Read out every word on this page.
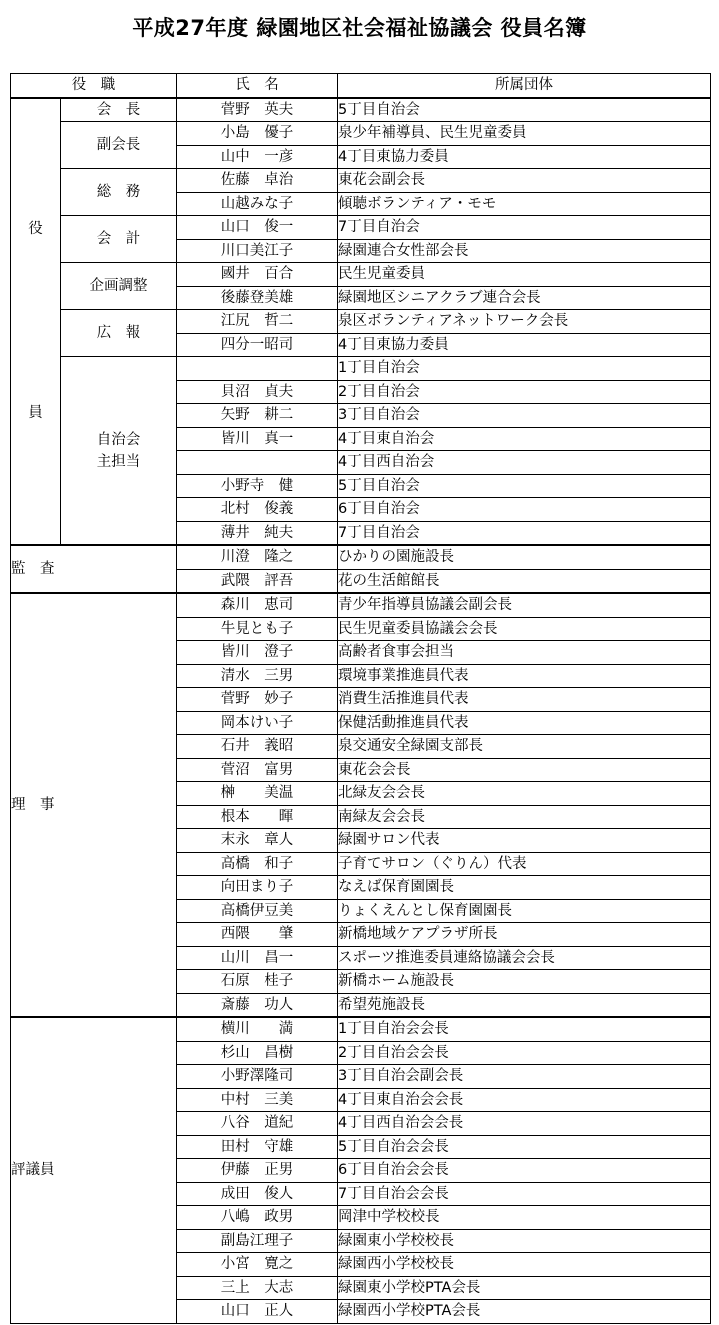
平成27年度 緑園地区社会福祉協議会 役員名簿
役　職		氏　名	所属団体

役
員	会　長	菅野　英夫	5丁目自治会

	副会長	小島　優子	泉少年補導員、民生児童委員
		山中　一彦	4丁目東協力委員

	総　務	佐藤　卓治	東花会副会長
		山越みな子	傾聴ボランティア・モモ

	会　計	山口　俊一	7丁目自治会
		川口美江子	緑園連合女性部会長

	企画調整	國井　百合	民生児童委員
		後藤登美雄	緑園地区シニアクラブ連合会長

	広　報	江尻　哲二	泉区ボランティアネットワーク会長
		四分一昭司	4丁目東協力委員

	自治会
主担当		1丁目自治会
		貝沼　貞夫	2丁目自治会
		矢野　耕二	3丁目自治会
		皆川　真一	4丁目東自治会
			4丁目西自治会
		小野寺　健	5丁目自治会
		北村　俊義	6丁目自治会
		薄井　純夫	7丁目自治会
監　査		川澄　隆之	ひかりの園施設長
		武隈　評吾	花の生活館館長
理　事		森川　恵司	青少年指導員協議会副会長
		牛見とも子	民生児童委員協議会会長
		皆川　澄子	高齢者食事会担当
		清水　三男	環境事業推進員代表
		菅野　妙子	消費生活推進員代表
		岡本けい子	保健活動推進員代表
		石井　義昭	泉交通安全緑園支部長
		菅沼　富男	東花会会長
		榊　　美温	北緑友会会長
		根本　　暉	南緑友会会長
		末永　章人	緑園サロン代表
		高橋　和子	子育てサロン（ぐりん）代表
		向田まり子	なえば保育園園長
		高橋伊豆美	りょくえんとし保育園園長
		西隈　　肇	新橋地域ケアプラザ所長
		山川　昌一	スポーツ推進委員連絡協議会会長
		石原　桂子	新橋ホーム施設長
		斎藤　功人	希望苑施設長
評議員		横川　　満	1丁目自治会会長
		杉山　昌樹	2丁目自治会会長
		小野澤隆司	3丁目自治会副会長
		中村　三美	4丁目東自治会会長
		八谷　道紀	4丁目西自治会会長
		田村　守雄	5丁目自治会会長
		伊藤　正男	6丁目自治会会長
		成田　俊人	7丁目自治会会長
		八嶋　政男	岡津中学校校長
		副島江理子	緑園東小学校校長
		小宮　寛之	緑園西小学校校長
		三上　大志	緑園東小学校PTA会長
		山口　正人	緑園西小学校PTA会長
